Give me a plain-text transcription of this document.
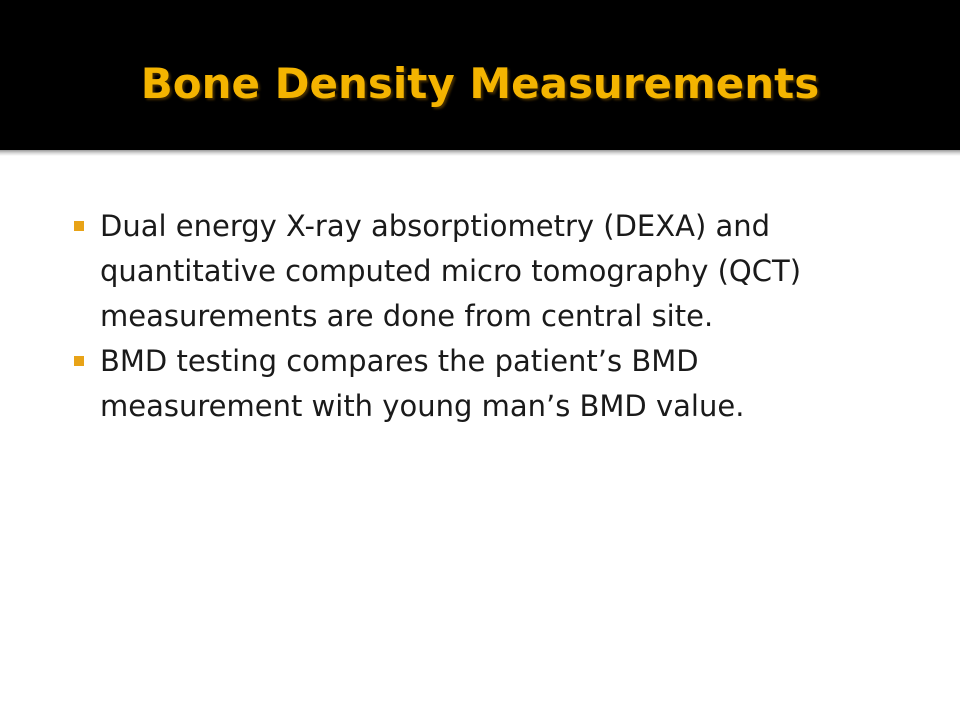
Bone Density Measurements
Dual energy X-ray absorptiometry (DEXA) and quantitative computed micro tomography (QCT) measurements are done from central site.
BMD testing compares the patient’s BMD measurement with young man’s BMD value.
